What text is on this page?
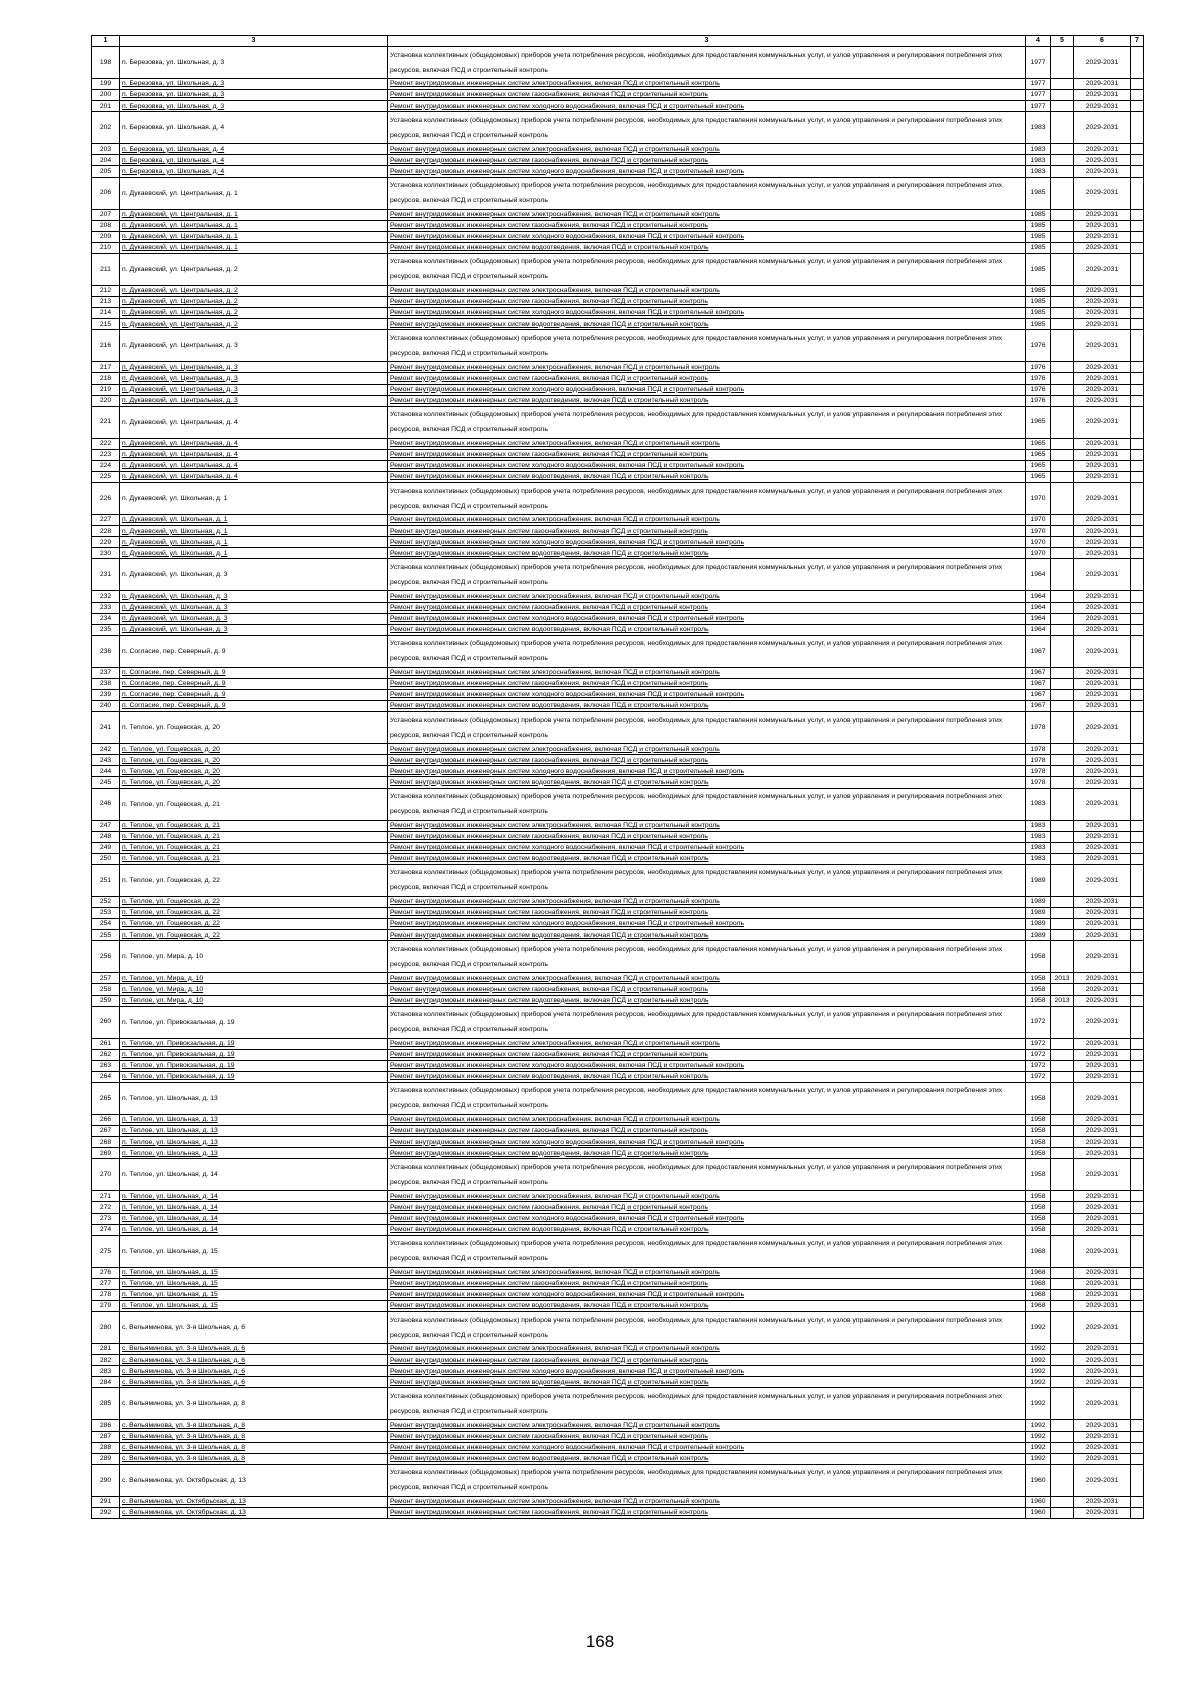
1	3	3	4	5	6	7
198	п. Березовка, ул. Школьная, д. 3	Установка коллективных (общедомовых) приборов учета потребления ресурсов, необходимых для предоставления коммунальных услуг, и узлов управления и регулирования потребления этих ресурсов, включая ПСД и строительный контроль	1977		2029-2031	
199	п. Березовка, ул. Школьная, д. 3	Ремонт внутридомовых инженерных систем электроснабжения, включая ПСД и строительный контроль	1977		2029-2031	
200	п. Березовка, ул. Школьная, д. 3	Ремонт внутридомовых инженерных систем газоснабжения, включая ПСД и строительный контроль	1977		2029-2031	
201	п. Березовка, ул. Школьная, д. 3	Ремонт внутридомовых инженерных систем холодного водоснабжения, включая ПСД и строительный контроль	1977		2029-2031	
202	п. Березовка, ул. Школьная, д. 4	Установка коллективных (общедомовых) приборов учета потребления ресурсов, необходимых для предоставления коммунальных услуг, и узлов управления и регулирования потребления этих ресурсов, включая ПСД и строительный контроль	1983		2029-2031	
203	п. Березовка, ул. Школьная, д. 4	Ремонт внутридомовых инженерных систем электроснабжения, включая ПСД и строительный контроль	1983		2029-2031	
204	п. Березовка, ул. Школьная, д. 4	Ремонт внутридомовых инженерных систем газоснабжения, включая ПСД и строительный контроль	1983		2029-2031	
205	п. Березовка, ул. Школьная, д. 4	Ремонт внутридомовых инженерных систем холодного водоснабжения, включая ПСД и строительный контроль	1983		2029-2031	
206	п. Дукаевский, ул. Центральная, д. 1	Установка коллективных (общедомовых) приборов учета потребления ресурсов, необходимых для предоставления коммунальных услуг, и узлов управления и регулирования потребления этих ресурсов, включая ПСД и строительный контроль	1985		2029-2031	
207	п. Дукаевский, ул. Центральная, д. 1	Ремонт внутридомовых инженерных систем электроснабжения, включая ПСД и строительный контроль	1985		2029-2031	
208	п. Дукаевский, ул. Центральная, д. 1	Ремонт внутридомовых инженерных систем газоснабжения, включая ПСД и строительный контроль	1985		2029-2031	
209	п. Дукаевский, ул. Центральная, д. 1	Ремонт внутридомовых инженерных систем холодного водоснабжения, включая ПСД и строительный контроль	1985		2029-2031	
210	п. Дукаевский, ул. Центральная, д. 1	Ремонт внутридомовых инженерных систем водоотведения, включая ПСД и строительный контроль	1985		2029-2031	
211	п. Дукаевский, ул. Центральная, д. 2	Установка коллективных (общедомовых) приборов учета потребления ресурсов, необходимых для предоставления коммунальных услуг, и узлов управления и регулирования потребления этих ресурсов, включая ПСД и строительный контроль	1985		2029-2031	
212	п. Дукаевский, ул. Центральная, д. 2	Ремонт внутридомовых инженерных систем электроснабжения, включая ПСД и строительный контроль	1985		2029-2031	
213	п. Дукаевский, ул. Центральная, д. 2	Ремонт внутридомовых инженерных систем газоснабжения, включая ПСД и строительный контроль	1985		2029-2031	
214	п. Дукаевский, ул. Центральная, д. 2	Ремонт внутридомовых инженерных систем холодного водоснабжения, включая ПСД и строительный контроль	1985		2029-2031	
215	п. Дукаевский, ул. Центральная, д. 2	Ремонт внутридомовых инженерных систем водоотведения, включая ПСД и строительный контроль	1985		2029-2031	
216	п. Дукаевский, ул. Центральная, д. 3	Установка коллективных (общедомовых) приборов учета потребления ресурсов, необходимых для предоставления коммунальных услуг, и узлов управления и регулирования потребления этих ресурсов, включая ПСД и строительный контроль	1976		2029-2031	
217	п. Дукаевский, ул. Центральная, д. 3	Ремонт внутридомовых инженерных систем электроснабжения, включая ПСД и строительный контроль	1976		2029-2031	
218	п. Дукаевский, ул. Центральная, д. 3	Ремонт внутридомовых инженерных систем газоснабжения, включая ПСД и строительный контроль	1976		2029-2031	
219	п. Дукаевский, ул. Центральная, д. 3	Ремонт внутридомовых инженерных систем холодного водоснабжения, включая ПСД и строительный контроль	1976		2029-2031	
220	п. Дукаевский, ул. Центральная, д. 3	Ремонт внутридомовых инженерных систем водоотведения, включая ПСД и строительный контроль	1976		2029-2031	
221	п. Дукаевский, ул. Центральная, д. 4	Установка коллективных (общедомовых) приборов учета потребления ресурсов, необходимых для предоставления коммунальных услуг, и узлов управления и регулирования потребления этих ресурсов, включая ПСД и строительный контроль	1965		2029-2031	
222	п. Дукаевский, ул. Центральная, д. 4	Ремонт внутридомовых инженерных систем электроснабжения, включая ПСД и строительный контроль	1965		2029-2031	
223	п. Дукаевский, ул. Центральная, д. 4	Ремонт внутридомовых инженерных систем газоснабжения, включая ПСД и строительный контроль	1965		2029-2031	
224	п. Дукаевский, ул. Центральная, д. 4	Ремонт внутридомовых инженерных систем холодного водоснабжения, включая ПСД и строительный контроль	1965		2029-2031	
225	п. Дукаевский, ул. Центральная, д. 4	Ремонт внутридомовых инженерных систем водоотведения, включая ПСД и строительный контроль	1965		2029-2031	
226	п. Дукаевский, ул. Школьная, д. 1	Установка коллективных (общедомовых) приборов учета потребления ресурсов, необходимых для предоставления коммунальных услуг, и узлов управления и регулирования потребления этих ресурсов, включая ПСД и строительный контроль	1970		2029-2031	
227	п. Дукаевский, ул. Школьная, д. 1	Ремонт внутридомовых инженерных систем электроснабжения, включая ПСД и строительный контроль	1970		2029-2031	
228	п. Дукаевский, ул. Школьная, д. 1	Ремонт внутридомовых инженерных систем газоснабжения, включая ПСД и строительный контроль	1970		2029-2031	
229	п. Дукаевский, ул. Школьная, д. 1	Ремонт внутридомовых инженерных систем холодного водоснабжения, включая ПСД и строительный контроль	1970		2029-2031	
230	п. Дукаевский, ул. Школьная, д. 1	Ремонт внутридомовых инженерных систем водоотведения, включая ПСД и строительный контроль	1970		2029-2031	
231	п. Дукаевский, ул. Школьная, д. 3	Установка коллективных (общедомовых) приборов учета потребления ресурсов, необходимых для предоставления коммунальных услуг, и узлов управления и регулирования потребления этих ресурсов, включая ПСД и строительный контроль	1964		2029-2031	
232	п. Дукаевский, ул. Школьная, д. 3	Ремонт внутридомовых инженерных систем электроснабжения, включая ПСД и строительный контроль	1964		2029-2031	
233	п. Дукаевский, ул. Школьная, д. 3	Ремонт внутридомовых инженерных систем газоснабжения, включая ПСД и строительный контроль	1964		2029-2031	
234	п. Дукаевский, ул. Школьная, д. 3	Ремонт внутридомовых инженерных систем холодного водоснабжения, включая ПСД и строительный контроль	1964		2029-2031	
235	п. Дукаевский, ул. Школьная, д. 3	Ремонт внутридомовых инженерных систем водоотведения, включая ПСД и строительный контроль	1964		2029-2031	
236	п. Согласие, пер. Северный, д. 9	Установка коллективных (общедомовых) приборов учета потребления ресурсов, необходимых для предоставления коммунальных услуг, и узлов управления и регулирования потребления этих ресурсов, включая ПСД и строительный контроль	1967		2029-2031	
237	п. Согласие, пер. Северный, д. 9	Ремонт внутридомовых инженерных систем электроснабжения, включая ПСД и строительный контроль	1967		2029-2031	
238	п. Согласие, пер. Северный, д. 9	Ремонт внутридомовых инженерных систем газоснабжения, включая ПСД и строительный контроль	1967		2029-2031	
239	п. Согласие, пер. Северный, д. 9	Ремонт внутридомовых инженерных систем холодного водоснабжения, включая ПСД и строительный контроль	1967		2029-2031	
240	п. Согласие, пер. Северный, д. 9	Ремонт внутридомовых инженерных систем водоотведения, включая ПСД и строительный контроль	1967		2029-2031	
241	п. Теплое, ул. Гощевская, д. 20	Установка коллективных (общедомовых) приборов учета потребления ресурсов, необходимых для предоставления коммунальных услуг, и узлов управления и регулирования потребления этих ресурсов, включая ПСД и строительный контроль	1978		2029-2031	
242	п. Теплое, ул. Гощевская, д. 20	Ремонт внутридомовых инженерных систем электроснабжения, включая ПСД и строительный контроль	1978		2029-2031	
243	п. Теплое, ул. Гощевская, д. 20	Ремонт внутридомовых инженерных систем газоснабжения, включая ПСД и строительный контроль	1978		2029-2031	
244	п. Теплое, ул. Гощевская, д. 20	Ремонт внутридомовых инженерных систем холодного водоснабжения, включая ПСД и строительный контроль	1978		2029-2031	
245	п. Теплое, ул. Гощевская, д. 20	Ремонт внутридомовых инженерных систем водоотведения, включая ПСД и строительный контроль	1978		2029-2031	
246	п. Теплое, ул. Гощевская, д. 21	Установка коллективных (общедомовых) приборов учета потребления ресурсов, необходимых для предоставления коммунальных услуг, и узлов управления и регулирования потребления этих ресурсов, включая ПСД и строительный контроль	1983		2029-2031	
247	п. Теплое, ул. Гощевская, д. 21	Ремонт внутридомовых инженерных систем электроснабжения, включая ПСД и строительный контроль	1983		2029-2031	
248	п. Теплое, ул. Гощевская, д. 21	Ремонт внутридомовых инженерных систем газоснабжения, включая ПСД и строительный контроль	1983		2029-2031	
249	п. Теплое, ул. Гощевская, д. 21	Ремонт внутридомовых инженерных систем холодного водоснабжения, включая ПСД и строительный контроль	1983		2029-2031	
250	п. Теплое, ул. Гощевская, д. 21	Ремонт внутридомовых инженерных систем водоотведения, включая ПСД и строительный контроль	1983		2029-2031	
251	п. Теплое, ул. Гощевская, д. 22	Установка коллективных (общедомовых) приборов учета потребления ресурсов, необходимых для предоставления коммунальных услуг, и узлов управления и регулирования потребления этих ресурсов, включая ПСД и строительный контроль	1989		2029-2031	
252	п. Теплое, ул. Гощевская, д. 22	Ремонт внутридомовых инженерных систем электроснабжения, включая ПСД и строительный контроль	1989		2029-2031	
253	п. Теплое, ул. Гощевская, д. 22	Ремонт внутридомовых инженерных систем газоснабжения, включая ПСД и строительный контроль	1989		2029-2031	
254	п. Теплое, ул. Гощевская, д. 22	Ремонт внутридомовых инженерных систем холодного водоснабжения, включая ПСД и строительный контроль	1989		2029-2031	
255	п. Теплое, ул. Гощевская, д. 22	Ремонт внутридомовых инженерных систем водоотведения, включая ПСД и строительный контроль	1989		2029-2031	
256	п. Теплое, ул. Мира, д. 10	Установка коллективных (общедомовых) приборов учета потребления ресурсов, необходимых для предоставления коммунальных услуг, и узлов управления и регулирования потребления этих ресурсов, включая ПСД и строительный контроль	1958		2029-2031	
257	п. Теплое, ул. Мира, д. 10	Ремонт внутридомовых инженерных систем электроснабжения, включая ПСД и строительный контроль	1958	2013	2029-2031	
258	п. Теплое, ул. Мира, д. 10	Ремонт внутридомовых инженерных систем газоснабжения, включая ПСД и строительный контроль	1958		2029-2031	
259	п. Теплое, ул. Мира, д. 10	Ремонт внутридомовых инженерных систем водоотведения, включая ПСД и строительный контроль	1958	2013	2029-2031	
260	п. Теплое, ул. Привокзальная, д. 19	Установка коллективных (общедомовых) приборов учета потребления ресурсов, необходимых для предоставления коммунальных услуг, и узлов управления и регулирования потребления этих ресурсов, включая ПСД и строительный контроль	1972		2029-2031	
261	п. Теплое, ул. Привокзальная, д. 19	Ремонт внутридомовых инженерных систем электроснабжения, включая ПСД и строительный контроль	1972		2029-2031	
262	п. Теплое, ул. Привокзальная, д. 19	Ремонт внутридомовых инженерных систем газоснабжения, включая ПСД и строительный контроль	1972		2029-2031	
263	п. Теплое, ул. Привокзальная, д. 19	Ремонт внутридомовых инженерных систем холодного водоснабжения, включая ПСД и строительный контроль	1972		2029-2031	
264	п. Теплое, ул. Привокзальная, д. 19	Ремонт внутридомовых инженерных систем водоотведения, включая ПСД и строительный контроль	1972		2029-2031	
265	п. Теплое, ул. Школьная, д. 13	Установка коллективных (общедомовых) приборов учета потребления ресурсов, необходимых для предоставления коммунальных услуг, и узлов управления и регулирования потребления этих ресурсов, включая ПСД и строительный контроль	1958		2029-2031	
266	п. Теплое, ул. Школьная, д. 13	Ремонт внутридомовых инженерных систем электроснабжения, включая ПСД и строительный контроль	1958		2029-2031	
267	п. Теплое, ул. Школьная, д. 13	Ремонт внутридомовых инженерных систем газоснабжения, включая ПСД и строительный контроль	1958		2029-2031	
268	п. Теплое, ул. Школьная, д. 13	Ремонт внутридомовых инженерных систем холодного водоснабжения, включая ПСД и строительный контроль	1958		2029-2031	
269	п. Теплое, ул. Школьная, д. 13	Ремонт внутридомовых инженерных систем водоотведения, включая ПСД и строительный контроль	1958		2029-2031	
270	п. Теплое, ул. Школьная, д. 14	Установка коллективных (общедомовых) приборов учета потребления ресурсов, необходимых для предоставления коммунальных услуг, и узлов управления и регулирования потребления этих ресурсов, включая ПСД и строительный контроль	1958		2029-2031	
271	п. Теплое, ул. Школьная, д. 14	Ремонт внутридомовых инженерных систем электроснабжения, включая ПСД и строительный контроль	1958		2029-2031	
272	п. Теплое, ул. Школьная, д. 14	Ремонт внутридомовых инженерных систем газоснабжения, включая ПСД и строительный контроль	1958		2029-2031	
273	п. Теплое, ул. Школьная, д. 14	Ремонт внутридомовых инженерных систем холодного водоснабжения, включая ПСД и строительный контроль	1958		2029-2031	
274	п. Теплое, ул. Школьная, д. 14	Ремонт внутридомовых инженерных систем водоотведения, включая ПСД и строительный контроль	1958		2029-2031	
275	п. Теплое, ул. Школьная, д. 15	Установка коллективных (общедомовых) приборов учета потребления ресурсов, необходимых для предоставления коммунальных услуг, и узлов управления и регулирования потребления этих ресурсов, включая ПСД и строительный контроль	1968		2029-2031	
276	п. Теплое, ул. Школьная, д. 15	Ремонт внутридомовых инженерных систем электроснабжения, включая ПСД и строительный контроль	1968		2029-2031	
277	п. Теплое, ул. Школьная, д. 15	Ремонт внутридомовых инженерных систем газоснабжения, включая ПСД и строительный контроль	1968		2029-2031	
278	п. Теплое, ул. Школьная, д. 15	Ремонт внутридомовых инженерных систем холодного водоснабжения, включая ПСД и строительный контроль	1968		2029-2031	
279	п. Теплое, ул. Школьная, д. 15	Ремонт внутридомовых инженерных систем водоотведения, включая ПСД и строительный контроль	1968		2029-2031	
280	с. Вельяминова, ул. 3-я Школьная, д. 6	Установка коллективных (общедомовых) приборов учета потребления ресурсов, необходимых для предоставления коммунальных услуг, и узлов управления и регулирования потребления этих ресурсов, включая ПСД и строительный контроль	1992		2029-2031	
281	с. Вельяминова, ул. 3-я Школьная, д. 6	Ремонт внутридомовых инженерных систем электроснабжения, включая ПСД и строительный контроль	1992		2029-2031	
282	с. Вельяминова, ул. 3-я Школьная, д. 6	Ремонт внутридомовых инженерных систем газоснабжения, включая ПСД и строительный контроль	1992		2029-2031	
283	с. Вельяминова, ул. 3-я Школьная, д. 6	Ремонт внутридомовых инженерных систем холодного водоснабжения, включая ПСД и строительный контроль	1992		2029-2031	
284	с. Вельяминова, ул. 3-я Школьная, д. 6	Ремонт внутридомовых инженерных систем водоотведения, включая ПСД и строительный контроль	1992		2029-2031	
285	с. Вельяминова, ул. 3-я Школьная, д. 8	Установка коллективных (общедомовых) приборов учета потребления ресурсов, необходимых для предоставления коммунальных услуг, и узлов управления и регулирования потребления этих ресурсов, включая ПСД и строительный контроль	1992		2029-2031	
286	с. Вельяминова, ул. 3-я Школьная, д. 8	Ремонт внутридомовых инженерных систем электроснабжения, включая ПСД и строительный контроль	1992		2029-2031	
287	с. Вельяминова, ул. 3-я Школьная, д. 8	Ремонт внутридомовых инженерных систем газоснабжения, включая ПСД и строительный контроль	1992		2029-2031	
288	с. Вельяминова, ул. 3-я Школьная, д. 8	Ремонт внутридомовых инженерных систем холодного водоснабжения, включая ПСД и строительный контроль	1992		2029-2031	
289	с. Вельяминова, ул. 3-я Школьная, д. 8	Ремонт внутридомовых инженерных систем водоотведения, включая ПСД и строительный контроль	1992		2029-2031	
290	с. Вельяминова, ул. Октябрьская, д. 13	Установка коллективных (общедомовых) приборов учета потребления ресурсов, необходимых для предоставления коммунальных услуг, и узлов управления и регулирования потребления этих ресурсов, включая ПСД и строительный контроль	1960		2029-2031	
291	с. Вельяминова, ул. Октябрьская, д. 13	Ремонт внутридомовых инженерных систем электроснабжения, включая ПСД и строительный контроль	1960		2029-2031	
292	с. Вельяминова, ул. Октябрьская, д. 13	Ремонт внутридомовых инженерных систем газоснабжения, включая ПСД и строительный контроль	1960		2029-2031	
168
